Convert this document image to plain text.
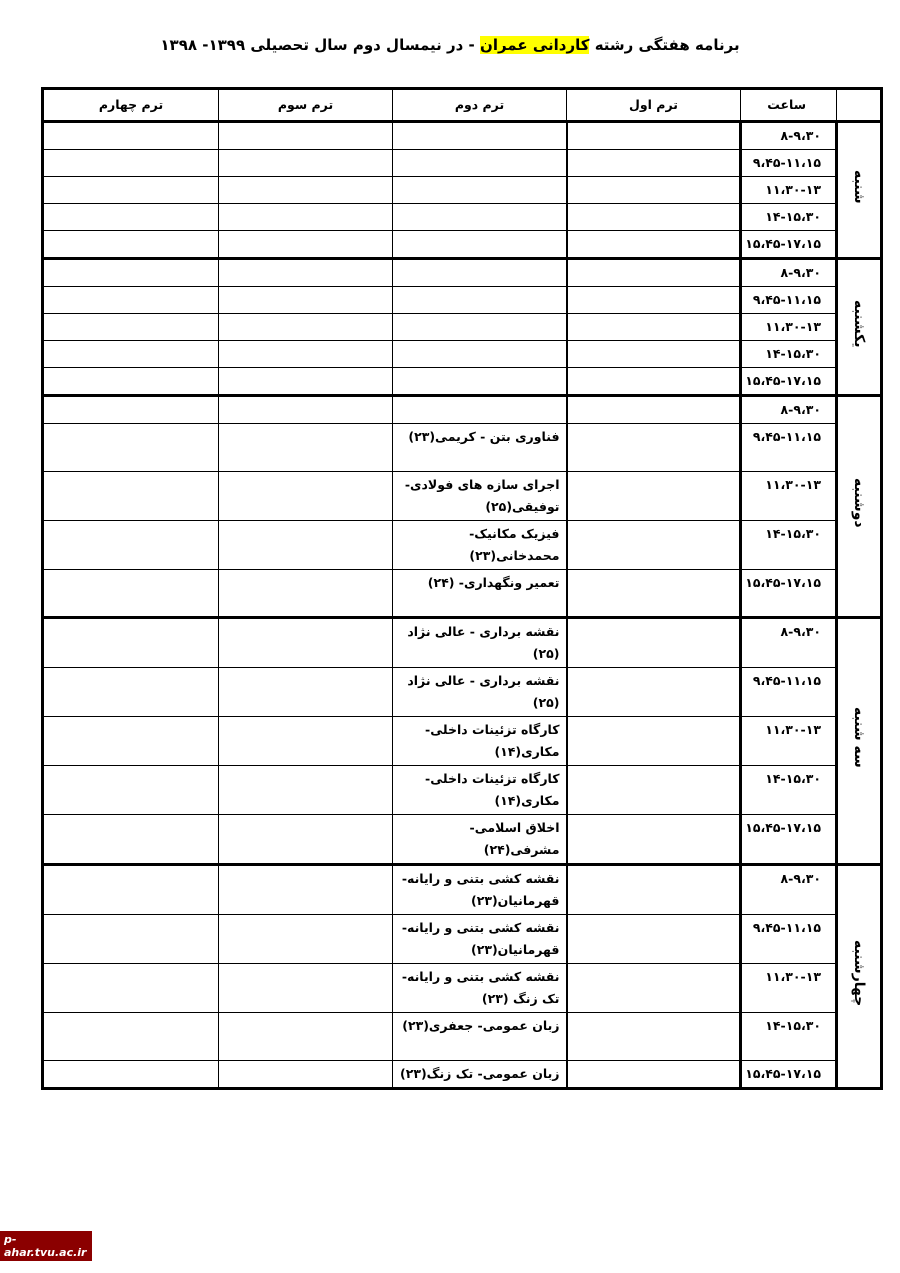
برنامه هفتگی رشته کاردانی عمران - در نیمسال دوم سال تحصیلی ۱۳۹۹- ۱۳۹۸
	ساعت	ترم اول	ترم دوم	ترم سوم	ترم چهارم
شنبه	۸-۹،۳۰				
	۹،۴۵-۱۱،۱۵				
	۱۱،۳۰-۱۳				
	۱۴-۱۵،۳۰				
	۱۵،۴۵-۱۷،۱۵				
یکشنبه	۸-۹،۳۰				
	۹،۴۵-۱۱،۱۵				
	۱۱،۳۰-۱۳				
	۱۴-۱۵،۳۰				
	۱۵،۴۵-۱۷،۱۵				
دوشنبه	۸-۹،۳۰				
	۹،۴۵-۱۱،۱۵		فناوری بتن - کریمی(۲۳)		
	۱۱،۳۰-۱۳		اجرای سازه های فولادی- توفیقی(۲۵)		
	۱۴-۱۵،۳۰		فیزیک مکانیک- محمدخانی(۲۳)		
	۱۵،۴۵-۱۷،۱۵		تعمیر ونگهداری- (۲۴)		
سه شنبه	۸-۹،۳۰		نقشه برداری - عالی نژاد (۲۵)		
	۹،۴۵-۱۱،۱۵		نقشه برداری - عالی نژاد (۲۵)		
	۱۱،۳۰-۱۳		کارگاه تزئینات داخلی- مکاری(۱۴)		
	۱۴-۱۵،۳۰		کارگاه تزئینات داخلی- مکاری(۱۴)		
	۱۵،۴۵-۱۷،۱۵		اخلاق اسلامی- مشرفی(۲۴)		
چهارشنبه	۸-۹،۳۰		نقشه کشی بتنی و رایانه- قهرمانیان(۲۳)		
	۹،۴۵-۱۱،۱۵		نقشه کشی بتنی و رایانه- قهرمانیان(۲۳)		
	۱۱،۳۰-۱۳		نقشه کشی بتنی و رایانه- تک زنگ (۲۳)		
	۱۴-۱۵،۳۰		زبان عمومی- جعفری(۲۳)		
	۱۵،۴۵-۱۷،۱۵		زبان عمومی- تک زنگ(۲۳)		
p-ahar.tvu.ac.ir
